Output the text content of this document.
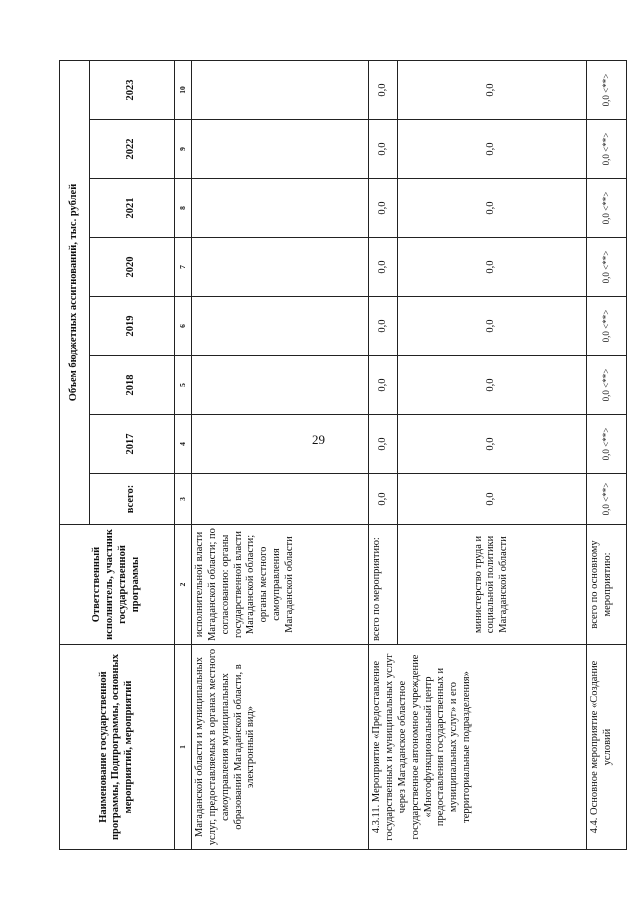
29
Наименование государственной программы, Подпрограммы, основных мероприятий, мероприятий	Ответственный исполнитель, участник государственной программы	Объем бюджетных ассигнований, тыс. рублей							
		всего:	2017	2018	2019	2020	2021	2022	2023
1	2	3	4	5	6	7	8	9	10
Магаданской области и муниципальных услуг, предоставляемых в органах местного самоуправления муниципальных образований Магаданской области, в электронный вид»	исполнительной власти Магаданской области; по согласованию: органы государственной власти Магаданской области; органы местного самоуправления Магаданской области								
4.3.11. Мероприятие «Предоставление государственных и муниципальных услуг через Магаданское областное государственное автономное учреждение «Многофункциональный центр предоставления государственных и муниципальных услуг» и его территориальные подразделения»	всего по мероприятию:	0,0	0,0	0,0	0,0	0,0	0,0	0,0	0,0
	министерство труда и социальной политики Магаданской области	0,0	0,0	0,0	0,0	0,0	0,0	0,0	0,0
4.4. Основное мероприятие «Создание условий	всего по основному мероприятию:	0,0 <**>	0,0 <**>	0,0 <**>	0,0 <**>	0,0 <**>	0,0 <**>	0,0 <**>	0,0 <**>
